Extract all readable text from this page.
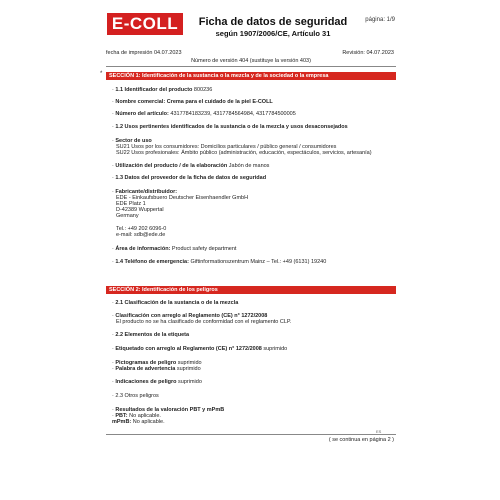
E-COLL	Ficha de datos de seguridad
según 1907/2006/CE, Artículo 31
página: 1/9
fecha de impresión 04.07.2023	Revisión: 04.07.2023
Número de versión 404 (sustituye la versión 403)
*	SECCIÓN 1: Identificación de la sustancia o la mezcla y de la sociedad o la empresa
· 1.1 Identificador del producto 800236
· Nombre comercial: Crema para el cuidado de la piel E-COLL
· Número del artículo: 4317784183239, 4317784564984, 4317784500005
· 1.2 Usos pertinentes identificados de la sustancia o de la mezcla y usos desaconsejados
· Sector de uso
SU21 Usos por los consumidores: Domicilios particulares / público general / consumidores
SU22 Usos profesionales: Ámbito público (administración, educación, espectáculos, servicios, artesanía)
· Utilización del producto / de la elaboración Jabón de manos
· 1.3 Datos del proveedor de la ficha de datos de seguridad
· Fabricante/distribuidor:
EDE - Einkaufsbuero Deutscher Eisenhaendler GmbH
EDE Platz 1
D-42389 Wuppertal
Germany
Tel.: +49 202 6096-0
e-mail: sdb@ede.de
· Área de información: Product safety department
· 1.4 Teléfono de emergencia: Giftinformationszentrum Mainz – Tel.: +49 (6131) 19240
SECCIÓN 2: Identificación de los peligros
· 2.1 Clasificación de la sustancia o de la mezcla
· Clasificación con arreglo al Reglamento (CE) n° 1272/2008
El producto no se ha clasificado de conformidad con el reglamento CLP.
· 2.2 Elementos de la etiqueta
· Etiquetado con arreglo al Reglamento (CE) n° 1272/2008 suprimido
· Pictogramas de peligro suprimido
· Palabra de advertencia suprimido
· Indicaciones de peligro suprimido
· 2.3 Otros peligros
· Resultados de la valoración PBT y mPmB
· PBT: No aplicable.
mPmB: No aplicable.
ES
( se continua en página 2 )
